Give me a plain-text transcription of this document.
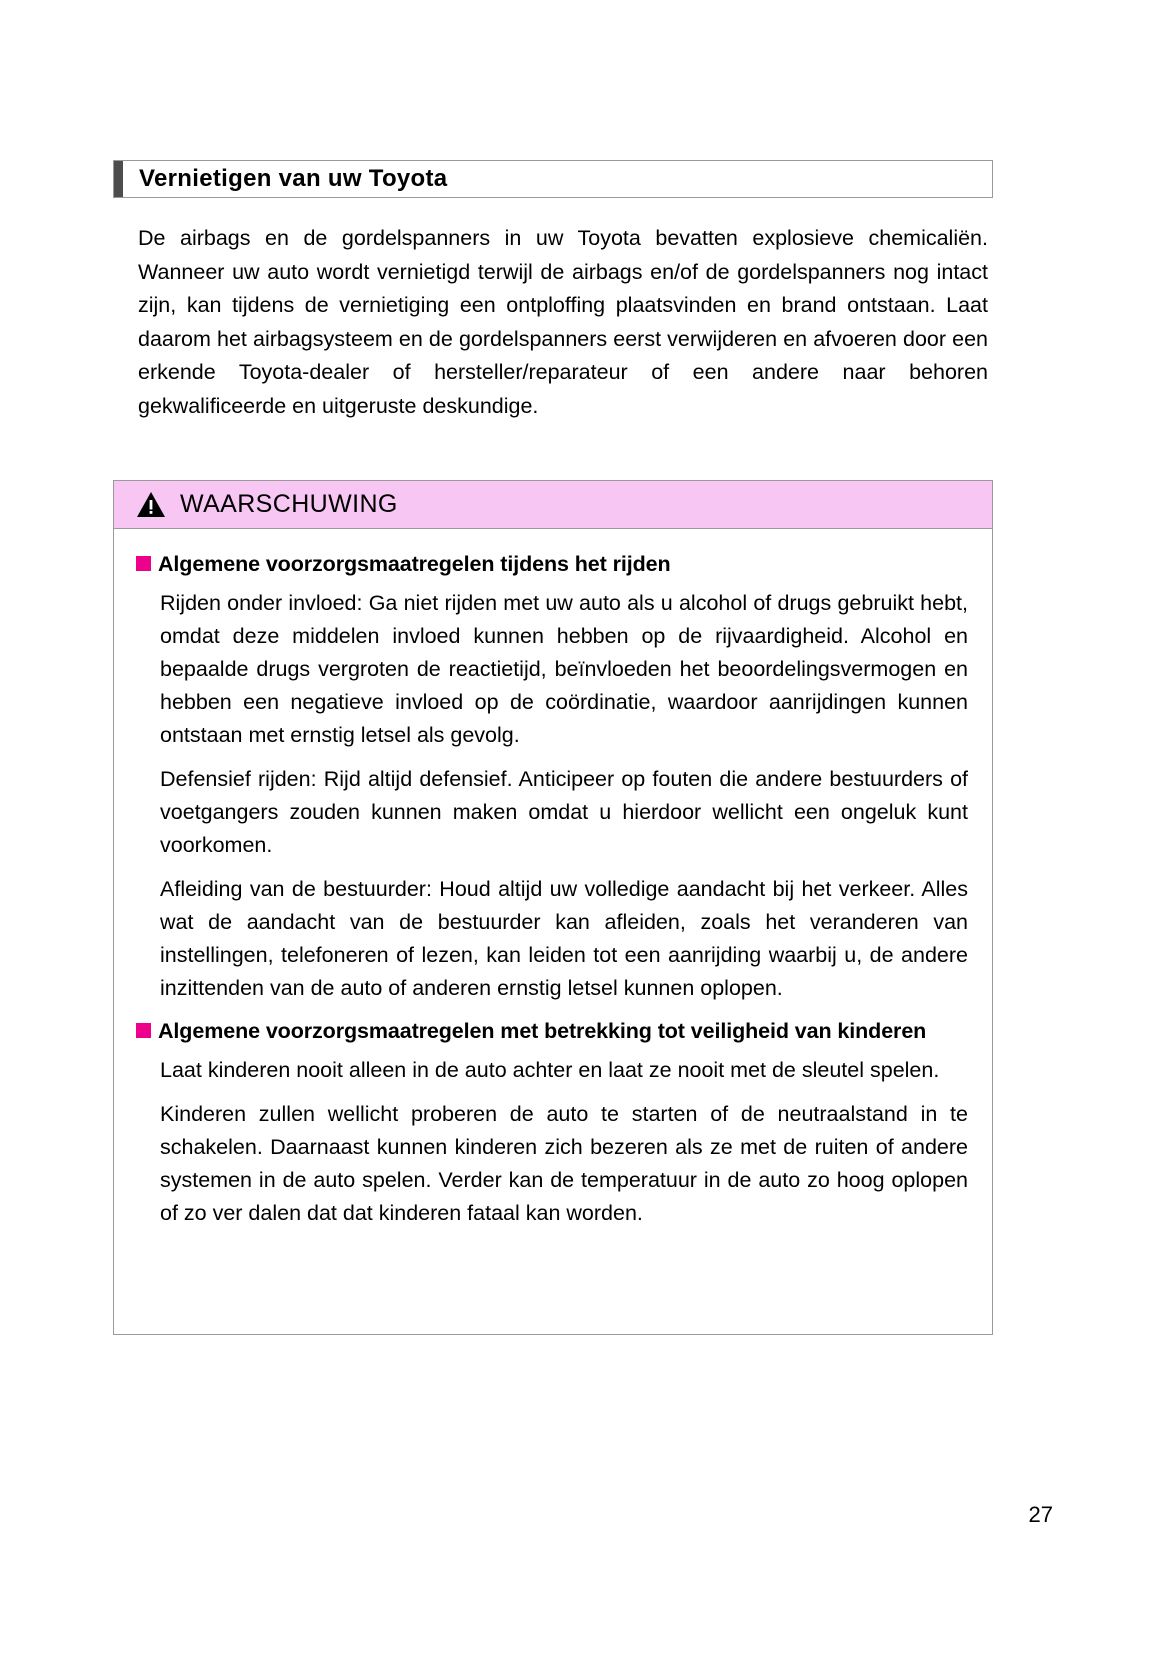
Vernietigen van uw Toyota
De airbags en de gordelspanners in uw Toyota bevatten explosieve chemicaliën. Wanneer uw auto wordt vernietigd terwijl de airbags en/of de gordelspanners nog intact zijn, kan tijdens de vernietiging een ontploffing plaatsvinden en brand ontstaan. Laat daarom het airbagsysteem en de gordelspanners eerst verwijderen en afvoeren door een erkende Toyota-dealer of hersteller/reparateur of een andere naar behoren gekwalificeerde en uitgeruste deskundige.
WAARSCHUWING
Algemene voorzorgsmaatregelen tijdens het rijden

Rijden onder invloed: Ga niet rijden met uw auto als u alcohol of drugs gebruikt hebt, omdat deze middelen invloed kunnen hebben op de rijvaardigheid. Alcohol en bepaalde drugs vergroten de reactietijd, beïnvloeden het beoordelingsvermogen en hebben een negatieve invloed op de coördinatie, waardoor aanrijdingen kunnen ontstaan met ernstig letsel als gevolg.

Defensief rijden: Rijd altijd defensief. Anticipeer op fouten die andere bestuurders of voetgangers zouden kunnen maken omdat u hierdoor wellicht een ongeluk kunt voorkomen.

Afleiding van de bestuurder: Houd altijd uw volledige aandacht bij het verkeer. Alles wat de aandacht van de bestuurder kan afleiden, zoals het veranderen van instellingen, telefoneren of lezen, kan leiden tot een aanrijding waarbij u, de andere inzittenden van de auto of anderen ernstig letsel kunnen oplopen.

Algemene voorzorgsmaatregelen met betrekking tot veiligheid van kinderen

Laat kinderen nooit alleen in de auto achter en laat ze nooit met de sleutel spelen.

Kinderen zullen wellicht proberen de auto te starten of de neutraalstand in te schakelen. Daarnaast kunnen kinderen zich bezeren als ze met de ruiten of andere systemen in de auto spelen. Verder kan de temperatuur in de auto zo hoog oplopen of zo ver dalen dat dat kinderen fataal kan worden.

27
